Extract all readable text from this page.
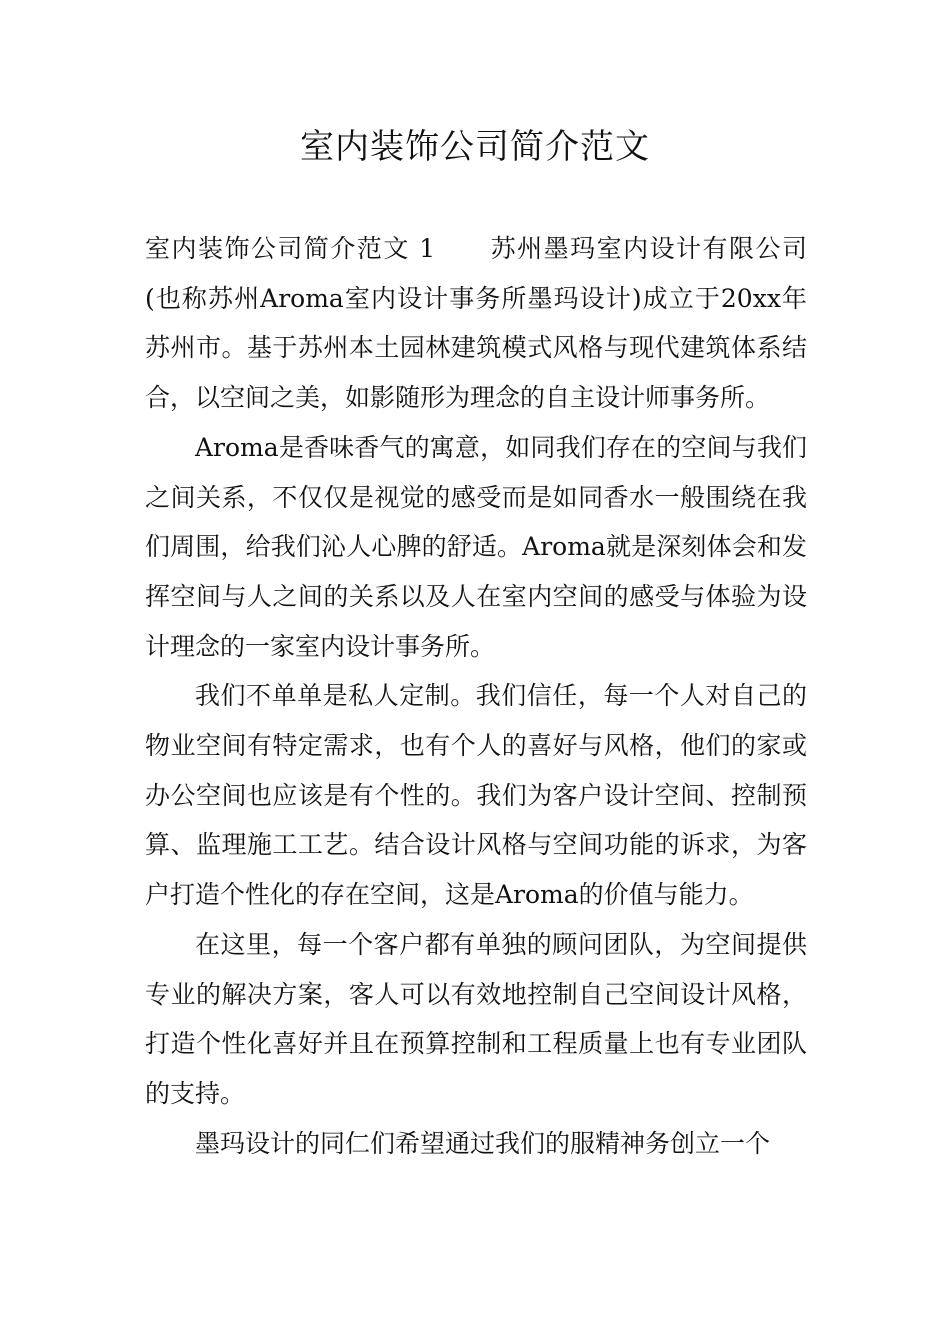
室内装饰公司简介范文

室内装饰公司简介范文 1 苏州墨玛室内设计有限公司(也称苏州Aroma室内设计事务所墨玛设计)成立于20xx年苏州市。基于苏州本土园林建筑模式风格与现代建筑体系结合，以空间之美，如影随形为理念的自主设计师事务所。

Aroma是香味香气的寓意，如同我们存在的空间与我们之间关系，不仅仅是视觉的感受而是如同香水一般围绕在我们周围，给我们沁人心脾的舒适。Aroma就是深刻体会和发挥空间与人之间的关系以及人在室内空间的感受与体验为设计理念的一家室内设计事务所。

我们不单单是私人定制。我们信任，每一个人对自己的物业空间有特定需求，也有个人的喜好与风格，他们的家或办公空间也应该是有个性的。我们为客户设计空间、控制预算、监理施工工艺。结合设计风格与空间功能的诉求，为客户打造个性化的存在空间，这是Aroma的价值与能力。

在这里，每一个客户都有单独的顾问团队，为空间提供专业的解决方案，客人可以有效地控制自己空间设计风格，打造个性化喜好并且在预算控制和工程质量上也有专业团队的支持。

墨玛设计的同仁们希望通过我们的服精神务创立一个
